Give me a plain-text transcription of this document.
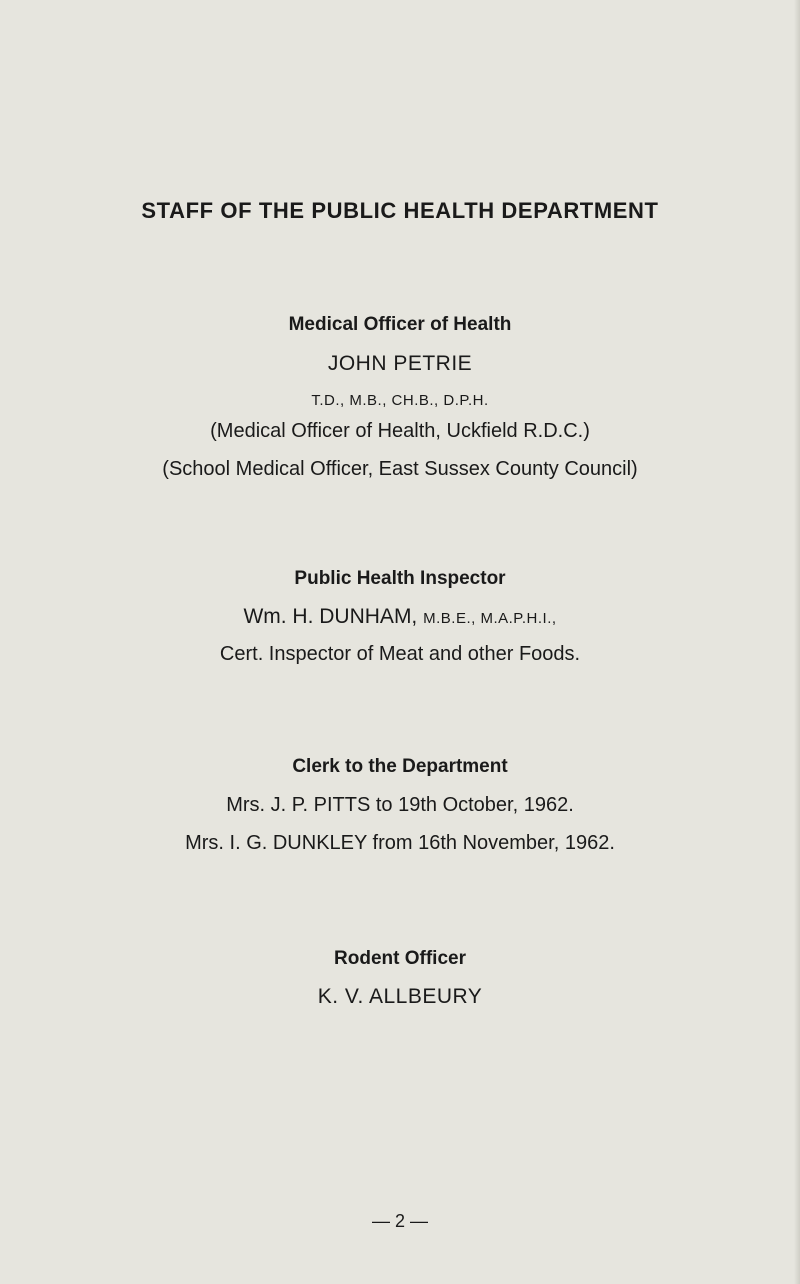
STAFF OF THE PUBLIC HEALTH DEPARTMENT
Medical Officer of Health
JOHN PETRIE
T.D., M.B., CH.B., D.P.H.
(Medical Officer of Health, Uckfield R.D.C.)
(School Medical Officer, East Sussex County Council)
Public Health Inspector
Wm. H. DUNHAM, M.B.E., M.A.P.H.I.,
Cert. Inspector of Meat and other Foods.
Clerk to the Department
Mrs. J. P. PITTS to 19th October, 1962.
Mrs. I. G. DUNKLEY from 16th November, 1962.
Rodent Officer
K. V. ALLBEURY
— 2 —
